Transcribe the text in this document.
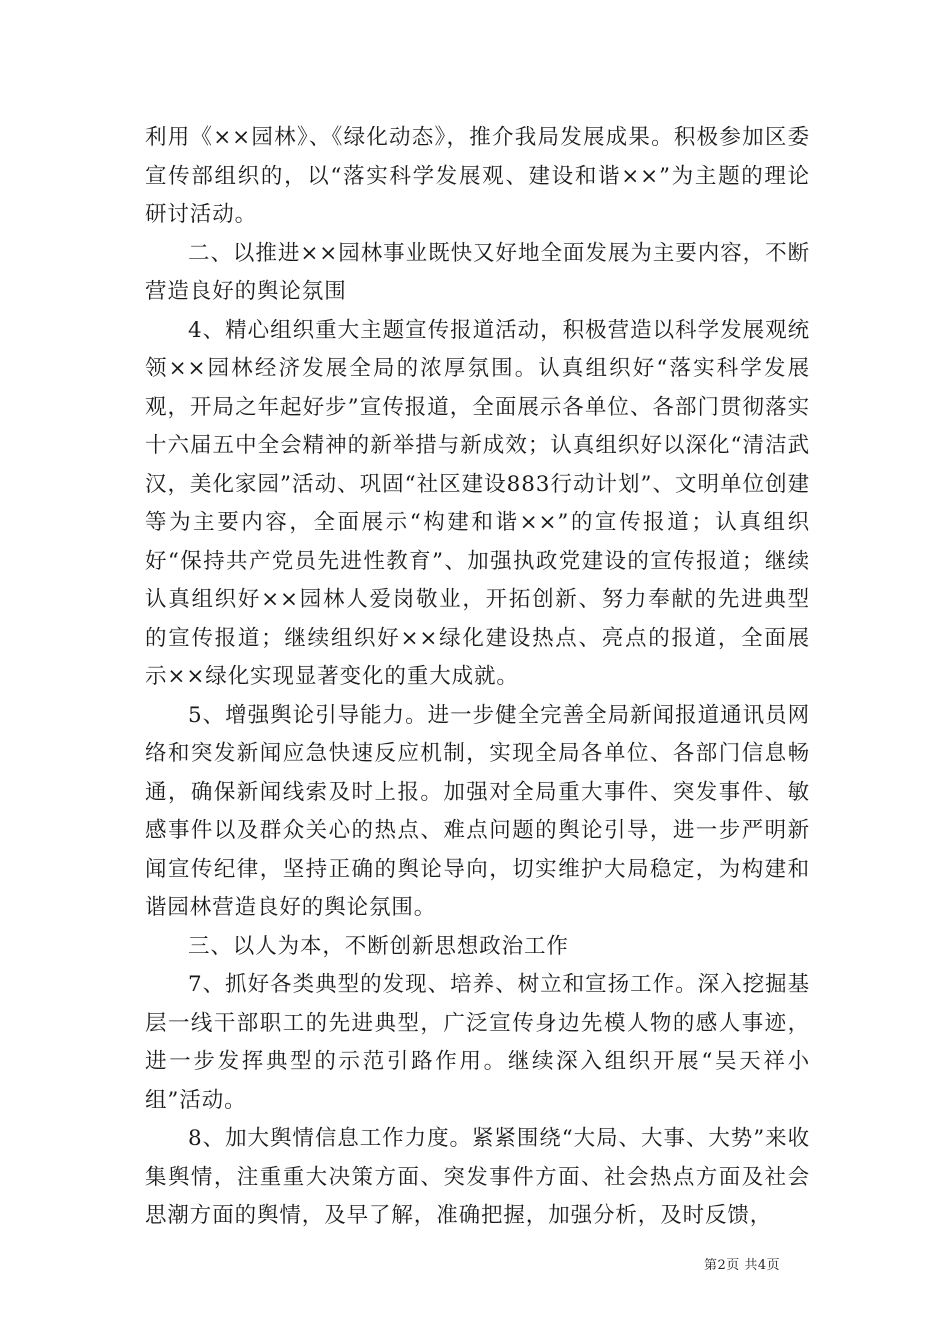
利用《××园林》、《绿化动态》，推介我局发展成果。积极参加区委宣传部组织的，以“落实科学发展观、建设和谐××”为主题的理论研讨活动。

二、以推进××园林事业既快又好地全面发展为主要内容，不断营造良好的舆论氛围

4、精心组织重大主题宣传报道活动，积极营造以科学发展观统领××园林经济发展全局的浓厚氛围。认真组织好“落实科学发展观，开局之年起好步”宣传报道，全面展示各单位、各部门贯彻落实十六届五中全会精神的新举措与新成效；认真组织好以深化“清洁武汉，美化家园”活动、巩固“社区建设883行动计划”、文明单位创建等为主要内容，全面展示“构建和谐××”的宣传报道；认真组织好“保持共产党员先进性教育”、加强执政党建设的宣传报道；继续认真组织好××园林人爱岗敬业，开拓创新、努力奉献的先进典型的宣传报道；继续组织好××绿化建设热点、亮点的报道，全面展示××绿化实现显著变化的重大成就。

5、增强舆论引导能力。进一步健全完善全局新闻报道通讯员网络和突发新闻应急快速反应机制，实现全局各单位、各部门信息畅通，确保新闻线索及时上报。加强对全局重大事件、突发事件、敏感事件以及群众关心的热点、难点问题的舆论引导，进一步严明新闻宣传纪律，坚持正确的舆论导向，切实维护大局稳定，为构建和谐园林营造良好的舆论氛围。

三、以人为本，不断创新思想政治工作

7、抓好各类典型的发现、培养、树立和宣扬工作。深入挖掘基层一线干部职工的先进典型，广泛宣传身边先模人物的感人事迹，进一步发挥典型的示范引路作用。继续深入组织开展“吴天祥小组”活动。

8、加大舆情信息工作力度。紧紧围绕“大局、大事、大势”来收集舆情，注重重大决策方面、突发事件方面、社会热点方面及社会思潮方面的舆情，及早了解，准确把握，加强分析，及时反馈，

第2页 共4页
